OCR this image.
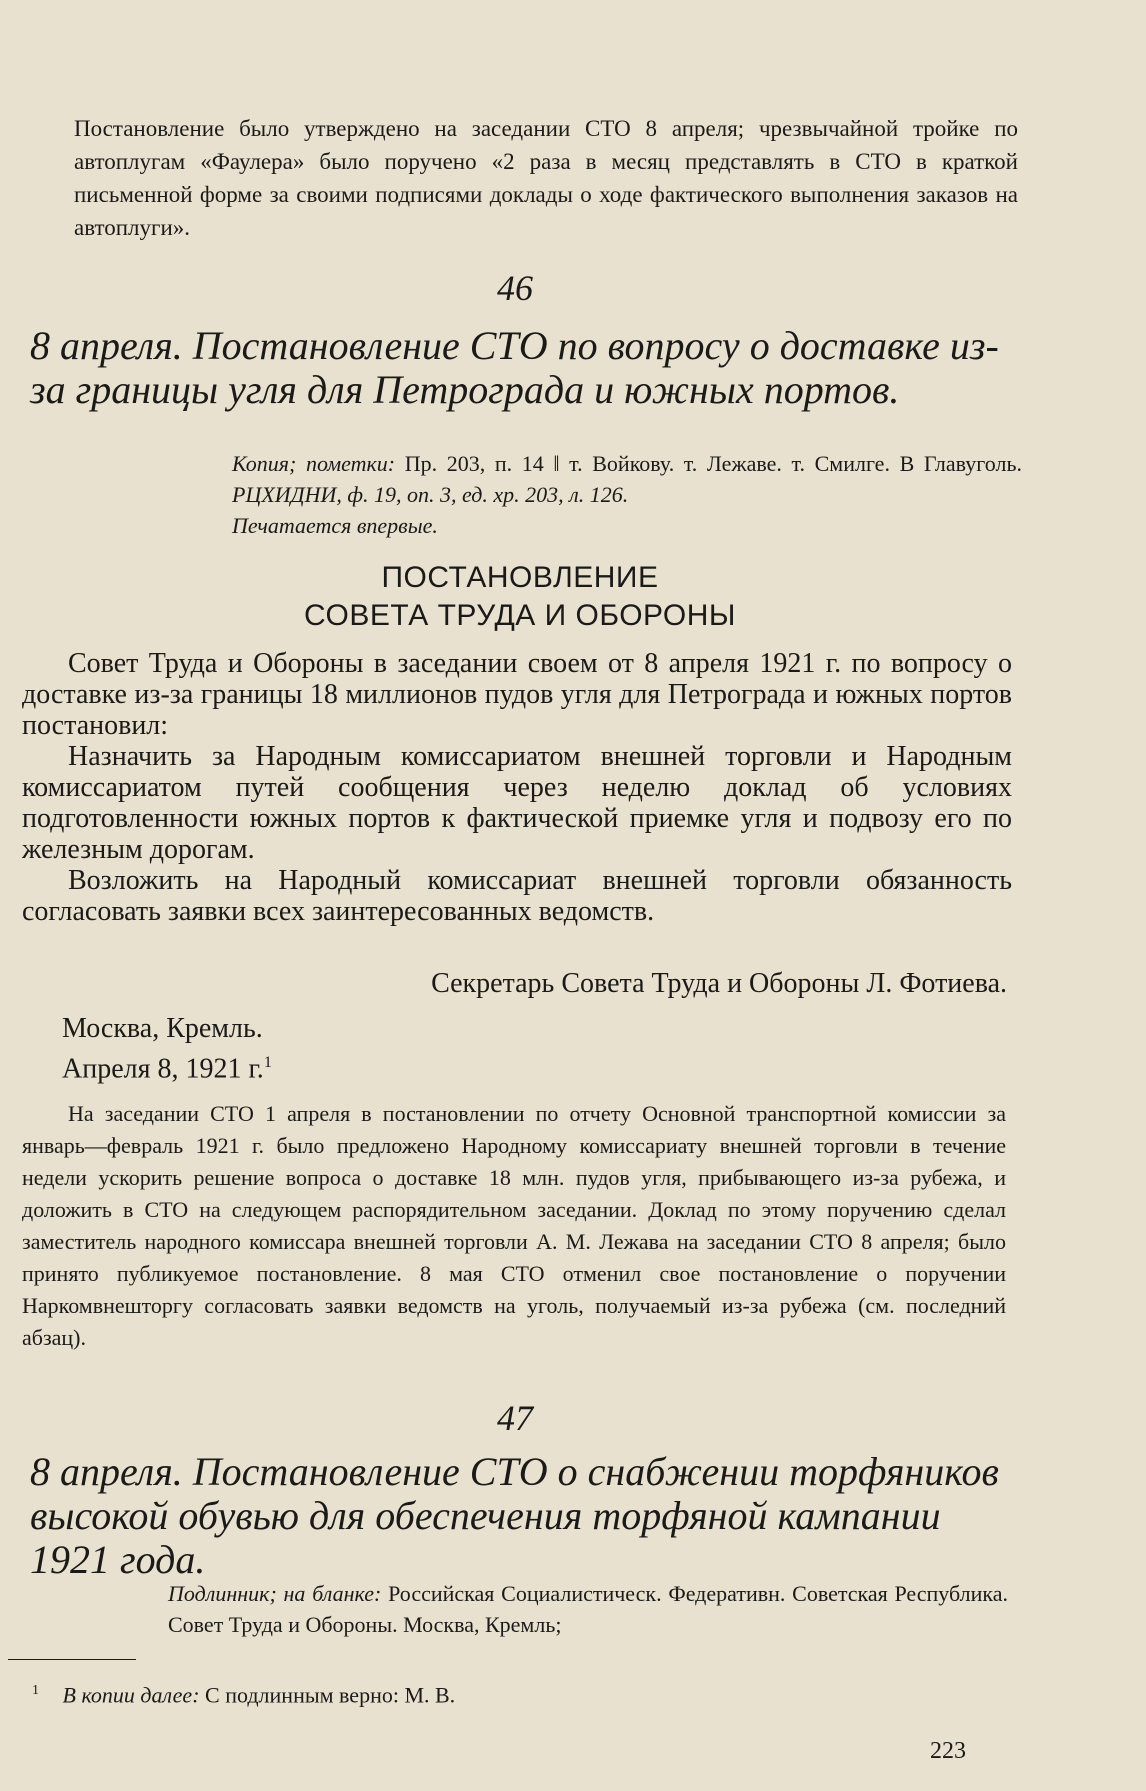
Постановление было утверждено на заседании СТО 8 апреля; чрезвычайной тройке по автоплугам «Фаулера» было поручено «2 раза в месяц представлять в СТО в краткой письменной форме за своими подписями доклады о ходе фактического выполнения заказов на автоплуги».
46
8 апреля. Постановление СТО по вопросу о доставке из-за границы угля для Петрограда и южных портов.
Копия; пометки: Пр. 203, п. 14 ‖ т. Войкову. т. Лежаве. т. Смилге. В Главуголь. РЦХИДНИ, ф. 19, оп. 3, ед. хр. 203, л. 126.
Печатается впервые.
ПОСТАНОВЛЕНИЕ
СОВЕТА ТРУДА И ОБОРОНЫ

Совет Труда и Обороны в заседании своем от 8 апреля 1921 г. по вопросу о доставке из-за границы 18 миллионов пудов угля для Петрограда и южных портов постановил:

Назначить за Народным комиссариатом внешней торговли и Народным комиссариатом путей сообщения через неделю доклад об условиях подготовленности южных портов к фактической приемке угля и подвозу его по железным дорогам.

Возложить на Народный комиссариат внешней торговли обязанность согласовать заявки всех заинтересованных ведомств.

Секретарь Совета Труда и Обороны Л. Фотиева.
Москва, Кремль.
Апреля 8, 1921 г.$^1$

На заседании СТО 1 апреля в постановлении по отчету Основной транспортной комиссии за январь—февраль 1921 г. было предложено Народному комиссариату внешней торговли в течение недели ускорить решение вопроса о доставке 18 млн. пудов угля, прибывающего из-за рубежа, и доложить в СТО на следующем распорядительном заседании. Доклад по этому поручению сделал заместитель народного комиссара внешней торговли А. М. Лежава на заседании СТО 8 апреля; было принято публикуемое постановление. 8 мая СТО отменил свое постановление о поручении Наркомвнешторгу согласовать заявки ведомств на уголь, получаемый из-за рубежа (см. последний абзац).

47
8 апреля. Постановление СТО о снабжении торфяников высокой обувью для обеспечения торфяной кампании 1921 года.
Подлинник; на бланке: Российская Социалистическ. Федеративн. Советская Республика. Совет Труда и Обороны. Москва, Кремль;
$^1$ В копии далее: С подлинным верно: М. В.
223
